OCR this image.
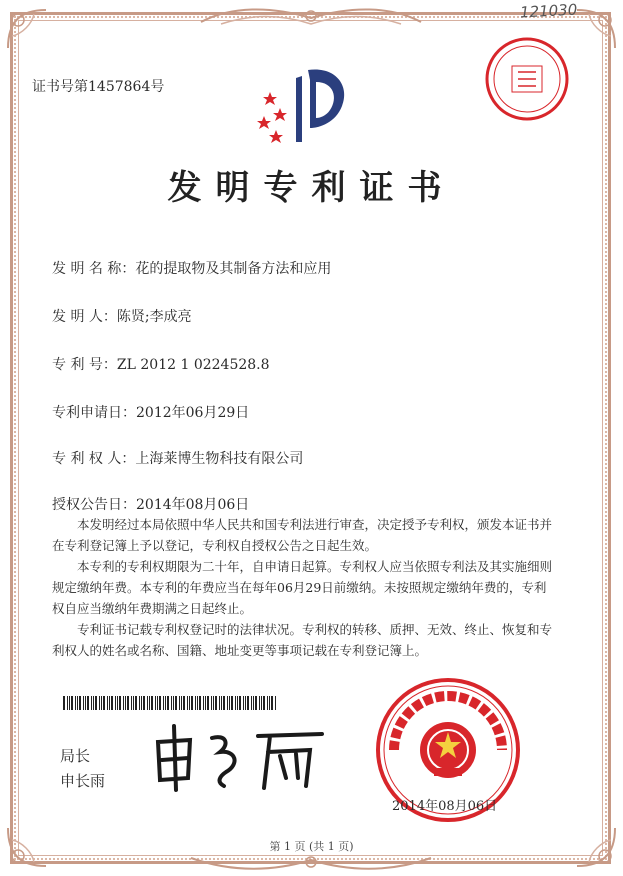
121030
证书号第1457864号
发明专利证书
发 明 名 称：花的提取物及其制备方法和应用
发 明 人：陈贤;李成亮
专 利 号：ZL 2012 1 0224528.8
专利申请日：2012年06月29日
专 利 权 人：上海莱博生物科技有限公司
授权公告日：2014年08月06日

本发明经过本局依照中华人民共和国专利法进行审查，决定授予专利权，颁发本证书并在专利登记簿上予以登记，专利权自授权公告之日起生效。

本专利的专利权期限为二十年，自申请日起算。专利权人应当依照专利法及其实施细则规定缴纳年费。本专利的年费应当在每年06月29日前缴纳。未按照规定缴纳年费的，专利权自应当缴纳年费期满之日起终止。

专利证书记载专利权登记时的法律状况。专利权的转移、质押、无效、终止、恢复和专利权人的姓名或名称、国籍、地址变更等事项记载在专利登记簿上。

局长
申长雨
2014年08月06日
第 1 页 (共 1 页)
